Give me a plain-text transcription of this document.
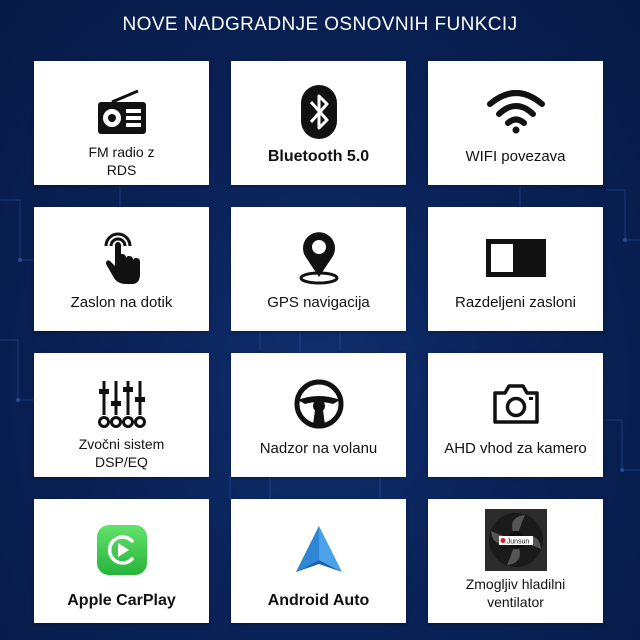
NOVE NADGRADNJE OSNOVNIH FUNKCIJ
FM radio z
RDS
Bluetooth 5.0	WIFI povezava
Zaslon na dotik	GPS navigacija	Razdeljeni zasloni
Zvočni sistem
DSP/EQ
Nadzor na volanu	AHD vhod za kamero
Apple CarPlay	Android Auto
Junsun
Zmogljiv hladilni
ventilator
